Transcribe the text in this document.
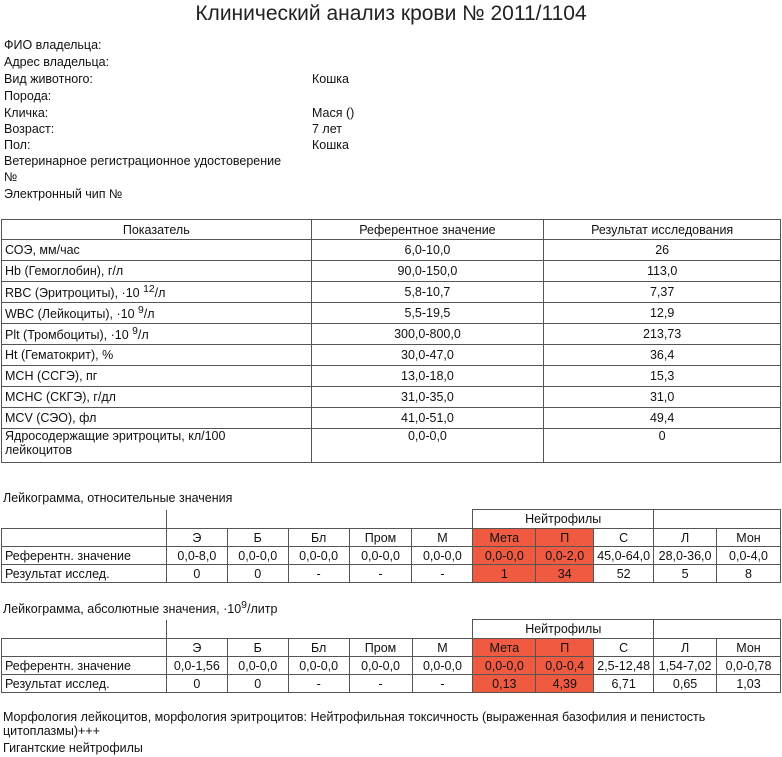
Клинический анализ крови № 2011/1104
ФИО владельца:
Адрес владельца:
Вид животного:	Кошка
Порода:
Кличка:	Мася ()
Возраст:	7 лет
Пол:	Кошка
Ветеринарное регистрационное удостоверение
№
Электронный чип №
Показатель	Референтное значение	Результат исследования
СОЭ, мм/час	6,0-10,0	26
Hb (Гемоглобин), г/л	90,0-150,0	113,0
RBC (Эритроциты), ·10 $^{12}$/л	5,8-10,7	7,37
WBC (Лейкоциты), ·10 $^9$/л	5,5-19,5	12,9
Plt (Тромбоциты), ·10 $^9$/л	300,0-800,0	213,73
Ht (Гематокрит), %	30,0-47,0	36,4
MCH (ССГЭ), пг	13,0-18,0	15,3
MCHC (СКГЭ), г/дл	31,0-35,0	31,0
MCV (СЭО), фл	41,0-51,0	49,4
Ядросодержащие эритроциты, кл/100
лейкоцитов	0,0-0,0	0
Лейкограмма, относительные значения
						Нейтрофилы				
	Э	Б	Бл	Пром	М	Мета	П	С	Л	Мон
Референтн. значение	0,0-8,0	0,0-0,0	0,0-0,0	0,0-0,0	0,0-0,0	0,0-0,0	0,0-2,0	45,0-64,0	28,0-36,0	0,0-4,0
Результат исслед.	0	0	-	-	-	1	34	52	5	8
Лейкограмма, абсолютные значения, $\cdot 10^9$/литр
						Нейтрофилы				
	Э	Б	Бл	Пром	М	Мета	П	С	Л	Мон
Референтн. значение	0,0-1,56	0,0-0,0	0,0-0,0	0,0-0,0	0,0-0,0	0,0-0,0	0,0-0,4	2,5-12,48	1,54-7,02	0,0-0,78
Результат исслед.	0	0	-	-	-	0,13	4,39	6,71	0,65	1,03
Морфология лейкоцитов, морфология эритроцитов: Нейтрофильная токсичность (выраженная базофилия и пенистость цитоплазмы)+++
Гигантские нейтрофилы
